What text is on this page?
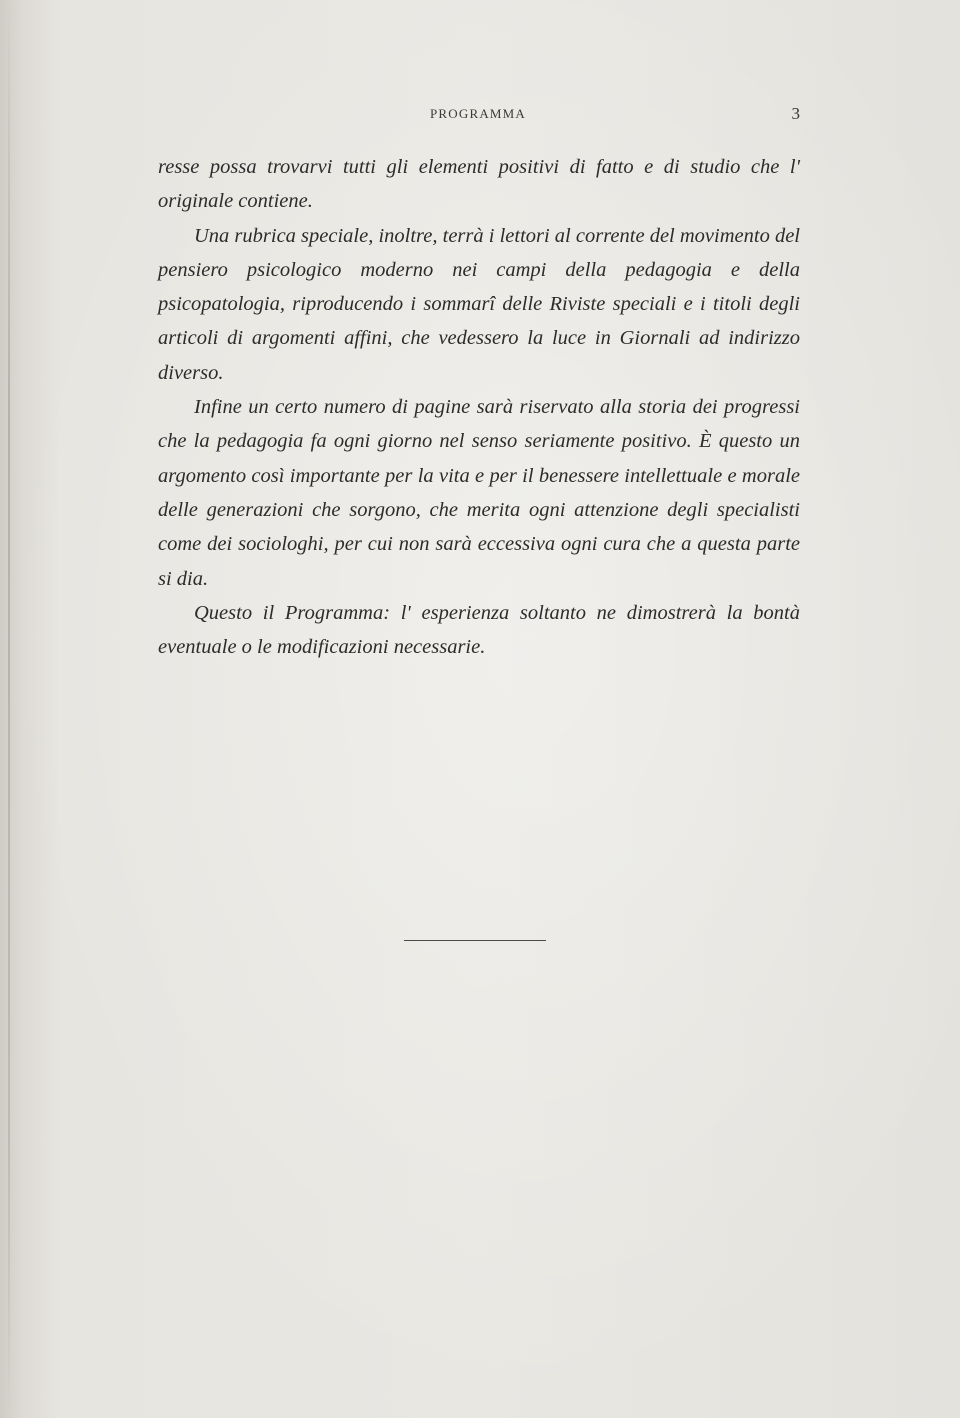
PROGRAMMA	3

resse possa trovarvi tutti gli elementi positivi di fatto e di studio che l' originale contiene.

Una rubrica speciale, inoltre, terrà i lettori al corrente del movimento del pensiero psicologico moderno nei campi della pedagogia e della psicopatologia, riproducendo i sommarî delle Riviste speciali e i titoli degli articoli di argomenti affini, che vedessero la luce in Giornali ad indirizzo diverso.

Infine un certo numero di pagine sarà riservato alla storia dei progressi che la pedagogia fa ogni giorno nel senso seriamente positivo. È questo un argomento così importante per la vita e per il benessere intellettuale e morale delle generazioni che sorgono, che merita ogni attenzione degli specialisti come dei sociologhi, per cui non sarà eccessiva ogni cura che a questa parte si dia.

Questo il Programma: l' esperienza soltanto ne dimostrerà la bontà eventuale o le modificazioni necessarie.
